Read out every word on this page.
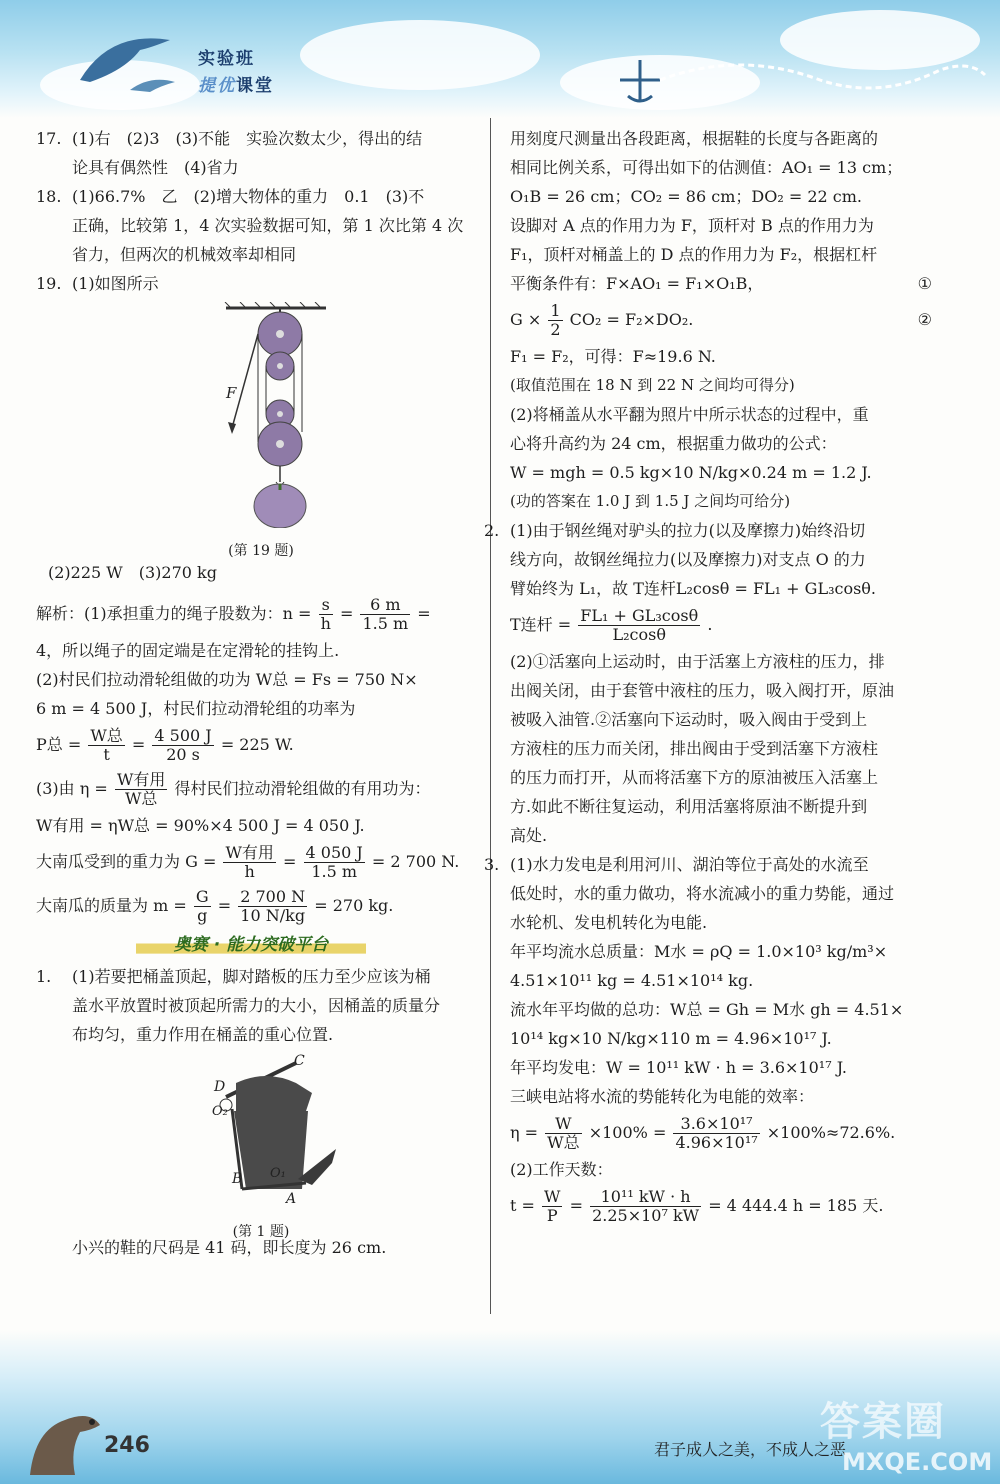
实验班
提优课堂
17. (1)右　(2)3　(3)不能　实验次数太少，得出的结
论具有偶然性　(4)省力
18. (1)66.7%　乙　(2)增大物体的重力　0.1　(3)不
正确，比较第 1，4 次实验数据可知，第 1 次比第 4 次
省力，但两次的机械效率却相同
19. (1)如图所示
F
(第 19 题)
(2)225 W　(3)270 kg
解析：(1)承担重力的绳子股数为：$n = \frac{s}{h} = \frac{6 m}{1.5 m}$ =
4，所以绳子的固定端是在定滑轮的挂钩上.
(2)村民们拉动滑轮组做的功为 W总 = Fs = 750 N×
6 m = 4 500 J，村民们拉动滑轮组的功率为
P总 = $\frac{\text{W总}}{t} = \frac{4 500 J}{20 s} = 225$ W.
(3)由 $\eta = \frac{\text{W有用}}{\text{W总}}$ 得村民们拉动滑轮组做的有用功为：
W有用 = ηW总 = 90%×4 500 J = 4 050 J.
大南瓜受到的重力为 $G = \frac{\text{W有用}}{h} = \frac{4 050 J}{1.5 m} = 2$ 700 N.
大南瓜的质量为 $m = \frac{G}{g} = \frac{2 700 N}{10 N/kg} = 270$ kg.
奥赛 · 能力突破平台
1. (1)若要把桶盖顶起，脚对踏板的压力至少应该为桶
盖水平放置时被顶起所需力的大小，因桶盖的质量分
布均匀，重力作用在桶盖的重心位置.
C
D
O₂
B O₁
A
(第 1 题)
小兴的鞋的尺码是 41 码，即长度为 26 cm.
用刻度尺测量出各段距离，根据鞋的长度与各距离的
相同比例关系，可得出如下的估测值：AO₁ = 13 cm；
O₁B = 26 cm；CO₂ = 86 cm；DO₂ = 22 cm.
设脚对 A 点的作用力为 F，顶杆对 B 点的作用力为
F₁，顶杆对桶盖上的 D 点的作用力为 F₂，根据杠杆
平衡条件有：F×AO₁ = F₁×O₁B，	①
$G \times \frac{1}{2} CO_2 = F_2\times DO_2$.	②
F₁ = F₂，可得：F≈19.6 N.
(取值范围在 18 N 到 22 N 之间均可得分)
(2)将桶盖从水平翻为照片中所示状态的过程中，重
心将升高约为 24 cm，根据重力做功的公式：
W = mgh = 0.5 kg×10 N/kg×0.24 m = 1.2 J.
(功的答案在 1.0 J 到 1.5 J 之间均可给分)
2. (1)由于钢丝绳对驴头的拉力(以及摩擦力)始终沿切
线方向，故钢丝绳拉力(以及摩擦力)对支点 O 的力
臂始终为 L₁，故 T连杆L₂cosθ = FL₁ + GL₃cosθ.
T连杆 = $\frac{\text{FL₁ + GL₃cosθ}}{\text{L₂cosθ}}$ .
(2)①活塞向上运动时，由于活塞上方液柱的压力，排
出阀关闭，由于套管中液柱的压力，吸入阀打开，原油
被吸入油管.②活塞向下运动时，吸入阀由于受到上
方液柱的压力而关闭，排出阀由于受到活塞下方液柱
的压力而打开，从而将活塞下方的原油被压入活塞上
方.如此不断往复运动，利用活塞将原油不断提升到
高处.
3. (1)水力发电是利用河川、湖泊等位于高处的水流至
低处时，水的重力做功，将水流减小的重力势能，通过
水轮机、发电机转化为电能.
年平均流水总质量：M水 = ρQ = 1.0×10³ kg/m³×
4.51×10¹¹ kg = 4.51×10¹⁴ kg.
流水年平均做的总功：W总 = Gh = M水 gh = 4.51×
10¹⁴ kg×10 N/kg×110 m = 4.96×10¹⁷ J.
年平均发电：W = 10¹¹ kW · h = 3.6×10¹⁷ J.
三峡电站将水流的势能转化为电能的效率：
$\eta = \frac{W}{\text{W总}} \times 100\% = \frac{\text{3.6×10¹⁷}}{\text{4.96×10¹⁷}} \times 100\%\approx 72.6\%$.
(2)工作天数：
$t = \frac{W}{P} = \frac{\text{10¹¹ kW · h}}{\text{2.25×10⁷ kW}} = 4$ 444.4 h = 185 天.
246	君子成人之美，不成人之恶
答案圈
MXQE.COM
